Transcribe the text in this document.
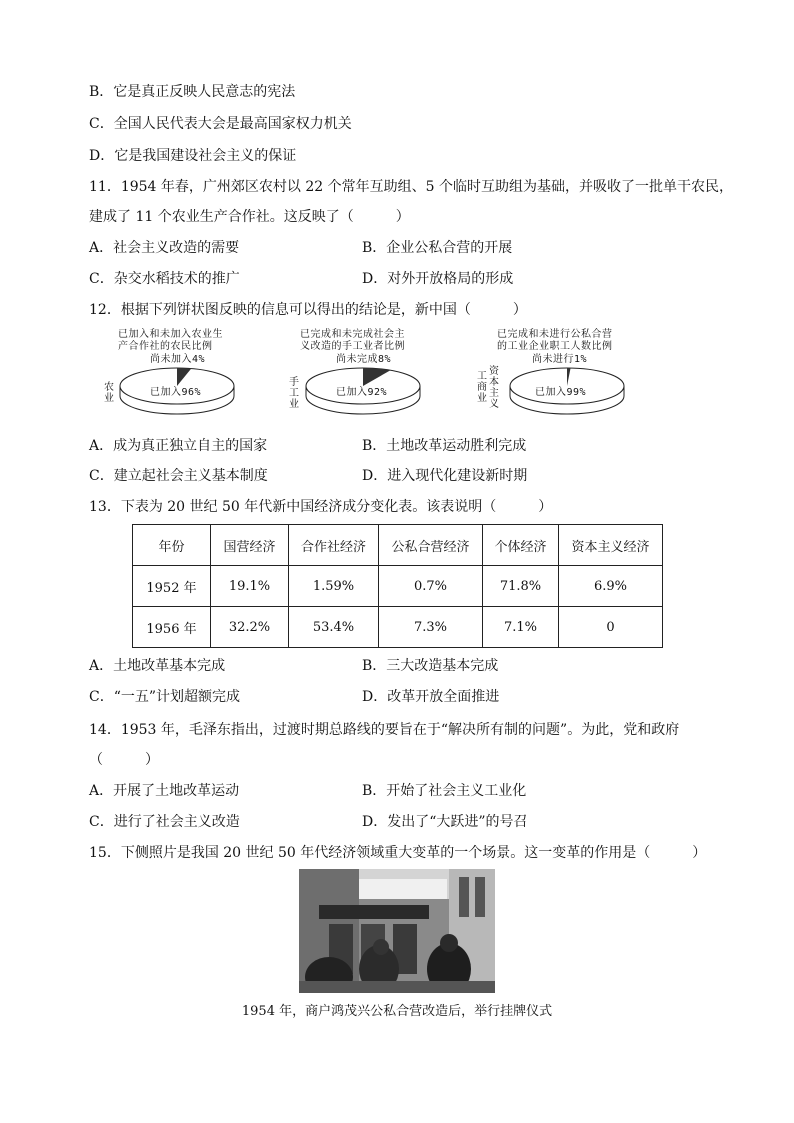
B．它是真正反映人民意志的宪法
C．全国人民代表大会是最高国家权力机关
D．它是我国建设社会主义的保证
11．1954 年春，广州郊区农村以 22 个常年互助组、5 个临时互助组为基础，并吸收了一批单干农民，
建成了 11 个农业生产合作社。这反映了（　　　）
A．社会主义改造的需要	B．企业公私合营的开展
C．杂交水稻技术的推广	D．对外开放格局的形成
12．根据下列饼状图反映的信息可以得出的结论是，新中国（　　　）
已加入和未加入农业生
产合作社的农民比例
尚未加入4%
农业
已加入96%
已完成和未完成社会主
义改造的手工业者比例
尚未完成8%
手工业
已加入92%
已完成和未进行公私合营
的工业企业职工人数比例
尚未进行1%
工商业
资本主义
已加入99%
A．成为真正独立自主的国家	B．土地改革运动胜利完成
C．建立起社会主义基本制度	D．进入现代化建设新时期
13．下表为 20 世纪 50 年代新中国经济成分变化表。该表说明（　　　）
年份	国营经济	合作社经济	公私合营经济	个体经济	资本主义经济
1952 年	19.1%	1.59%	0.7%	71.8%	6.9%
1956 年	32.2%	53.4%	7.3%	7.1%	0
A．土地改革基本完成	B．三大改造基本完成
C．“一五”计划超额完成	D．改革开放全面推进
14．1953 年，毛泽东指出，过渡时期总路线的要旨在于“解决所有制的问题”。为此，党和政府
（　　　）
A．开展了土地改革运动	B．开始了社会主义工业化
C．进行了社会主义改造	D．发出了“大跃进”的号召
15．下侧照片是我国 20 世纪 50 年代经济领域重大变革的一个场景。这一变革的作用是（　　　）
1954 年，商户鸿茂兴公私合营改造后，举行挂牌仪式
